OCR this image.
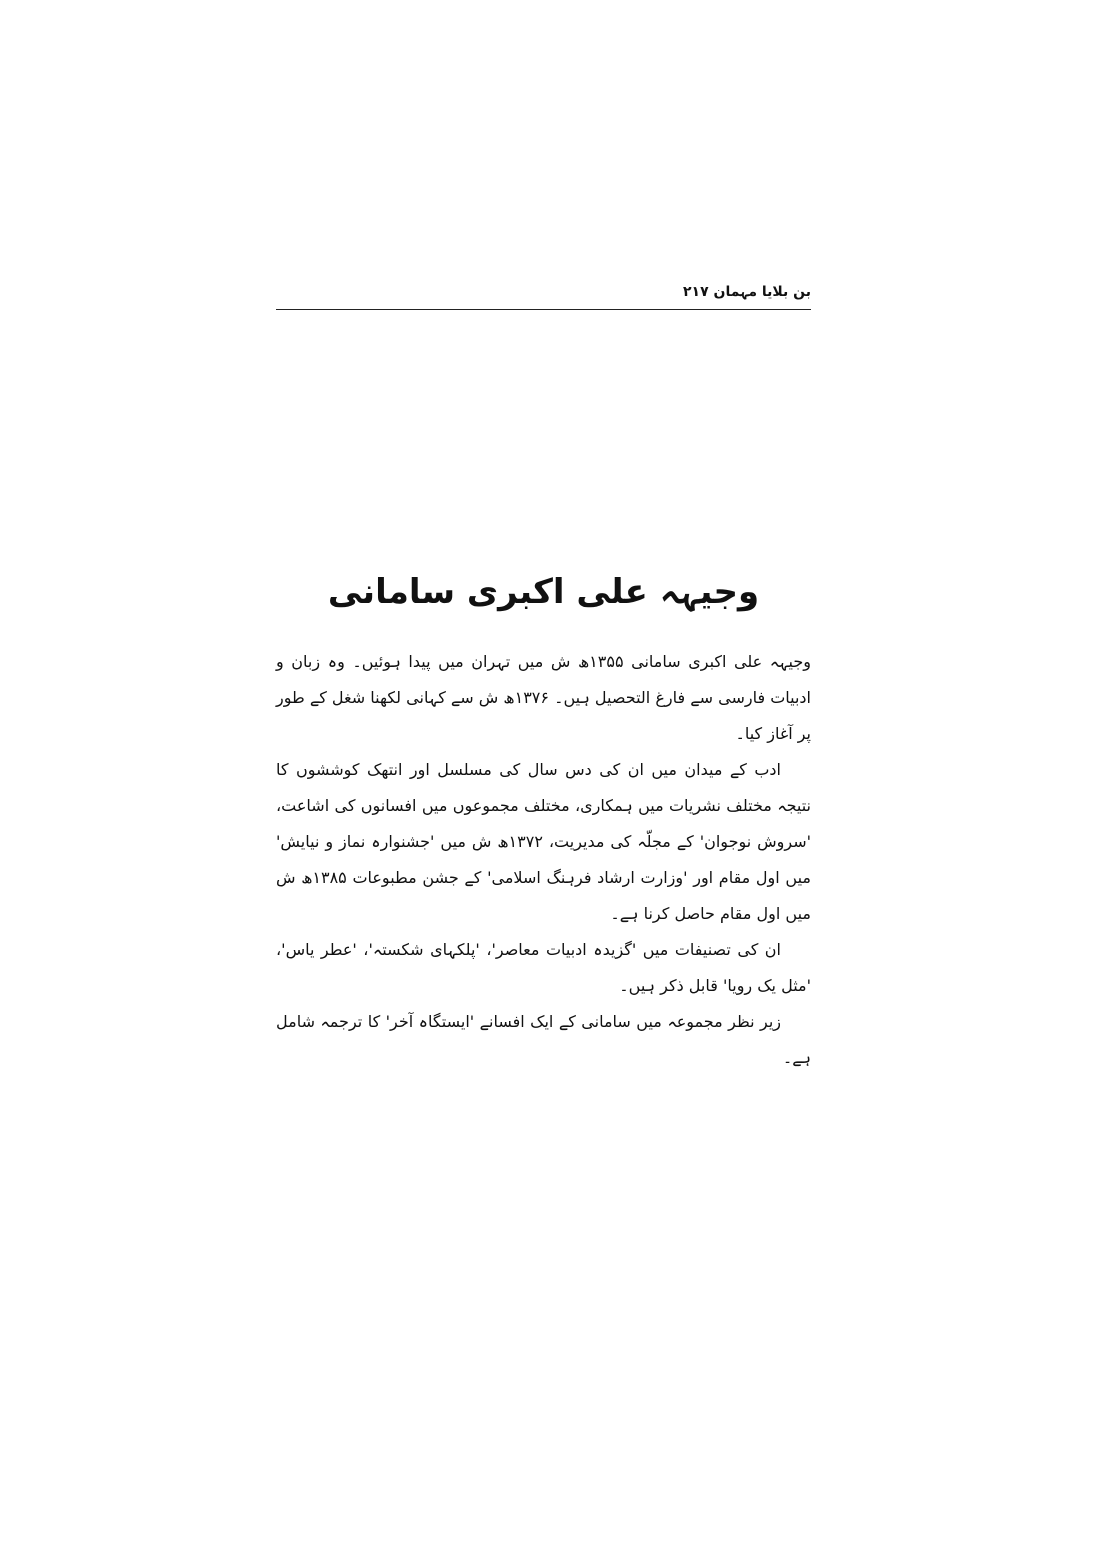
بن بلایا مہمان ۲۱۷
وجیہہ علی اکبری سامانی

وجیہہ علی اکبری سامانی ۱۳۵۵ھ ش میں تہران میں پیدا ہوئیں۔ وہ زبان و ادبیات فارسی سے فارغ التحصیل ہیں۔ ۱۳۷۶ھ ش سے کہانی لکھنا شغل کے طور پر آغاز کیا۔

ادب کے میدان میں ان کی دس سال کی مسلسل اور انتھک کوششوں کا نتیجہ مختلف نشریات میں ہمکاری، مختلف مجموعوں میں افسانوں کی اشاعت، 'سروش نوجوان' کے مجلّہ کی مدیریت، ۱۳۷۲ھ ش میں 'جشنوارہ نماز و نیایش' میں اول مقام اور 'وزارت ارشاد فرہنگ اسلامی' کے جشن مطبوعات ۱۳۸۵ھ ش میں اول مقام حاصل کرنا ہے۔

ان کی تصنیفات میں 'گزیدہ ادبیات معاصر'، 'پلکہای شکستہ'، 'عطر یاس'، 'مثل یک رویا' قابل ذکر ہیں۔

زیر نظر مجموعہ میں سامانی کے ایک افسانے 'ایستگاہ آخر' کا ترجمہ شامل ہے۔
